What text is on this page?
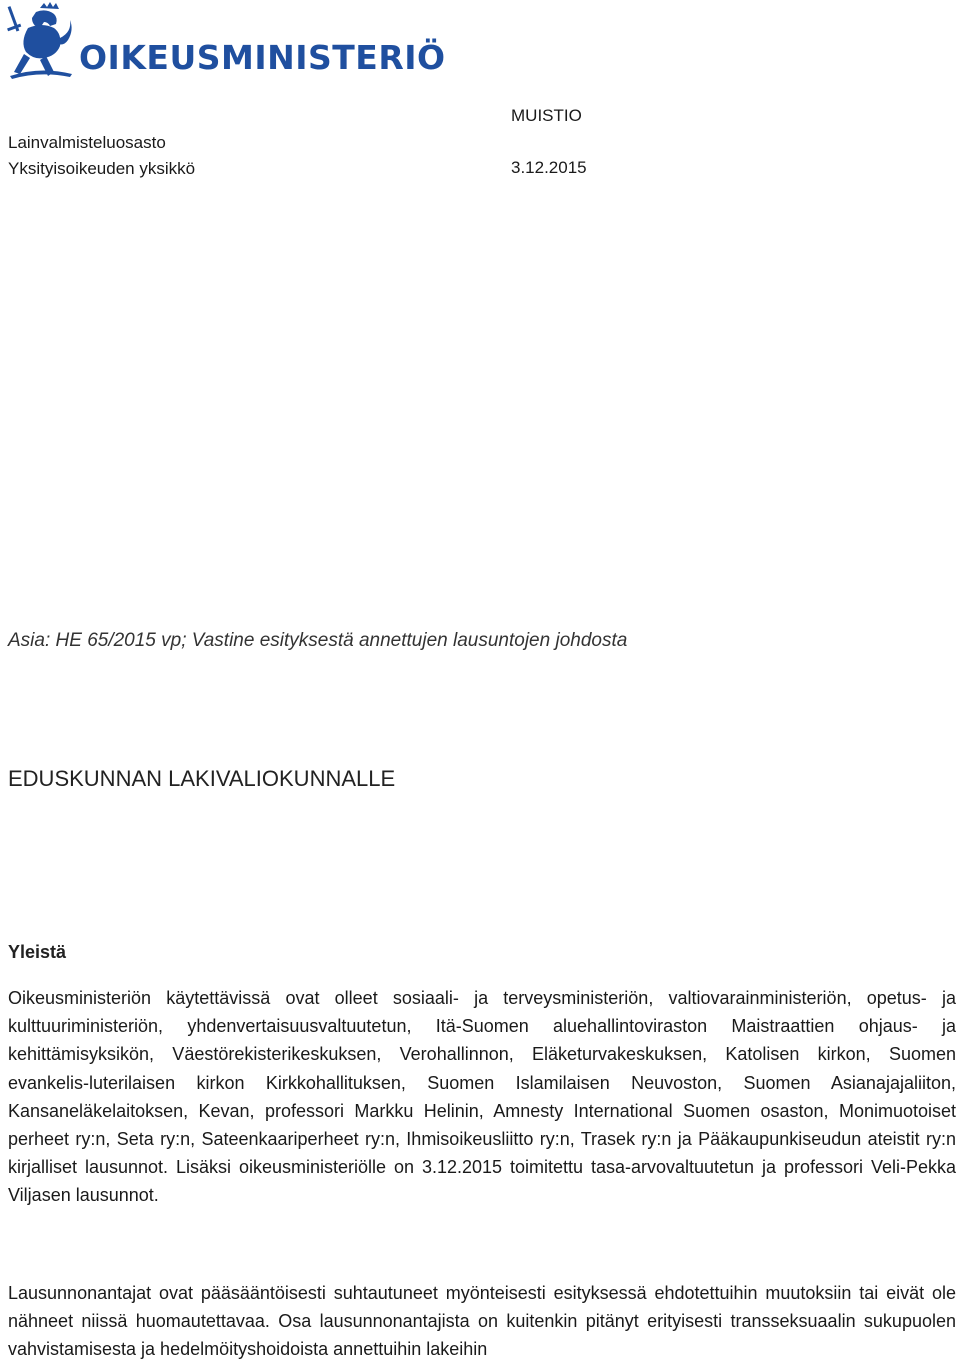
OIKEUSMINISTERIÖ
Lainvalmisteluosasto
Yksityisoikeuden yksikkö
MUISTIO
3.12.2015
Asia: HE 65/2015 vp; Vastine esityksestä annettujen lausuntojen johdosta
EDUSKUNNAN LAKIVALIOKUNNALLE
Yleistä

Oikeusministeriön käytettävissä ovat olleet sosiaali- ja terveysministeriön, valtiovarainministeriön, opetus- ja kulttuuriministeriön, yhdenvertaisuusvaltuutetun, Itä-Suomen aluehallintoviraston Maistraattien ohjaus- ja kehittämisyksikön, Väestörekisterikeskuksen, Verohallinnon, Eläketurvakeskuksen, Katolisen kirkon, Suomen evankelis-luterilaisen kirkon Kirkkohallituksen, Suomen Islamilaisen Neuvoston, Suomen Asianajajaliiton, Kansaneläkelaitoksen, Kevan, professori Markku Helinin, Amnesty International Suomen osaston, Monimuotoiset perheet ry:n, Seta ry:n, Sateenkaariperheet ry:n, Ihmisoikeusliitto ry:n, Trasek ry:n ja Pääkaupunkiseudun ateistit ry:n kirjalliset lausunnot. Lisäksi oikeusministeriölle on 3.12.2015 toimitettu tasa-arvovaltuutetun ja professori Veli-Pekka Viljasen lausunnot.

Lausunnonantajat ovat pääsääntöisesti suhtautuneet myönteisesti esityksessä ehdotettuihin muutoksiin tai eivät ole nähneet niissä huomautettavaa. Osa lausunnonantajista on kuitenkin pitänyt erityisesti transseksuaalin sukupuolen vahvistamisesta ja hedelmöityshoidoista annettuihin lakeihin
